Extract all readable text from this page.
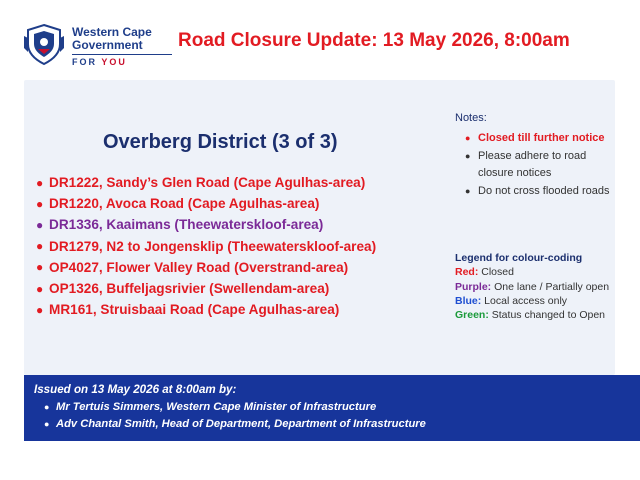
Western Cape
Government
FOR YOU
Road Closure Update: 13 May 2026, 8:00am
Overberg District (3 of 3)
● DR1222, Sandy’s Glen Road (Cape Agulhas-area)
● DR1220, Avoca Road (Cape Agulhas-area)
● DR1336, Kaaimans (Theewaterskloof-area)
● DR1279, N2 to Jongensklip (Theewaterskloof-area)
● OP4027, Flower Valley Road (Overstrand-area)
● OP1326, Buffeljagsrivier (Swellendam-area)
● MR161, Struisbaai Road (Cape Agulhas-area)
Notes:
● Closed till further notice
● Please adhere to road closure notices
● Do not cross flooded roads
Legend for colour-coding
Red: Closed
Purple: One lane / Partially open
Blue: Local access only
Green: Status changed to Open
Issued on 13 May 2026 at 8:00am by:
● Mr Tertuis Simmers, Western Cape Minister of Infrastructure
● Adv Chantal Smith, Head of Department, Department of Infrastructure
